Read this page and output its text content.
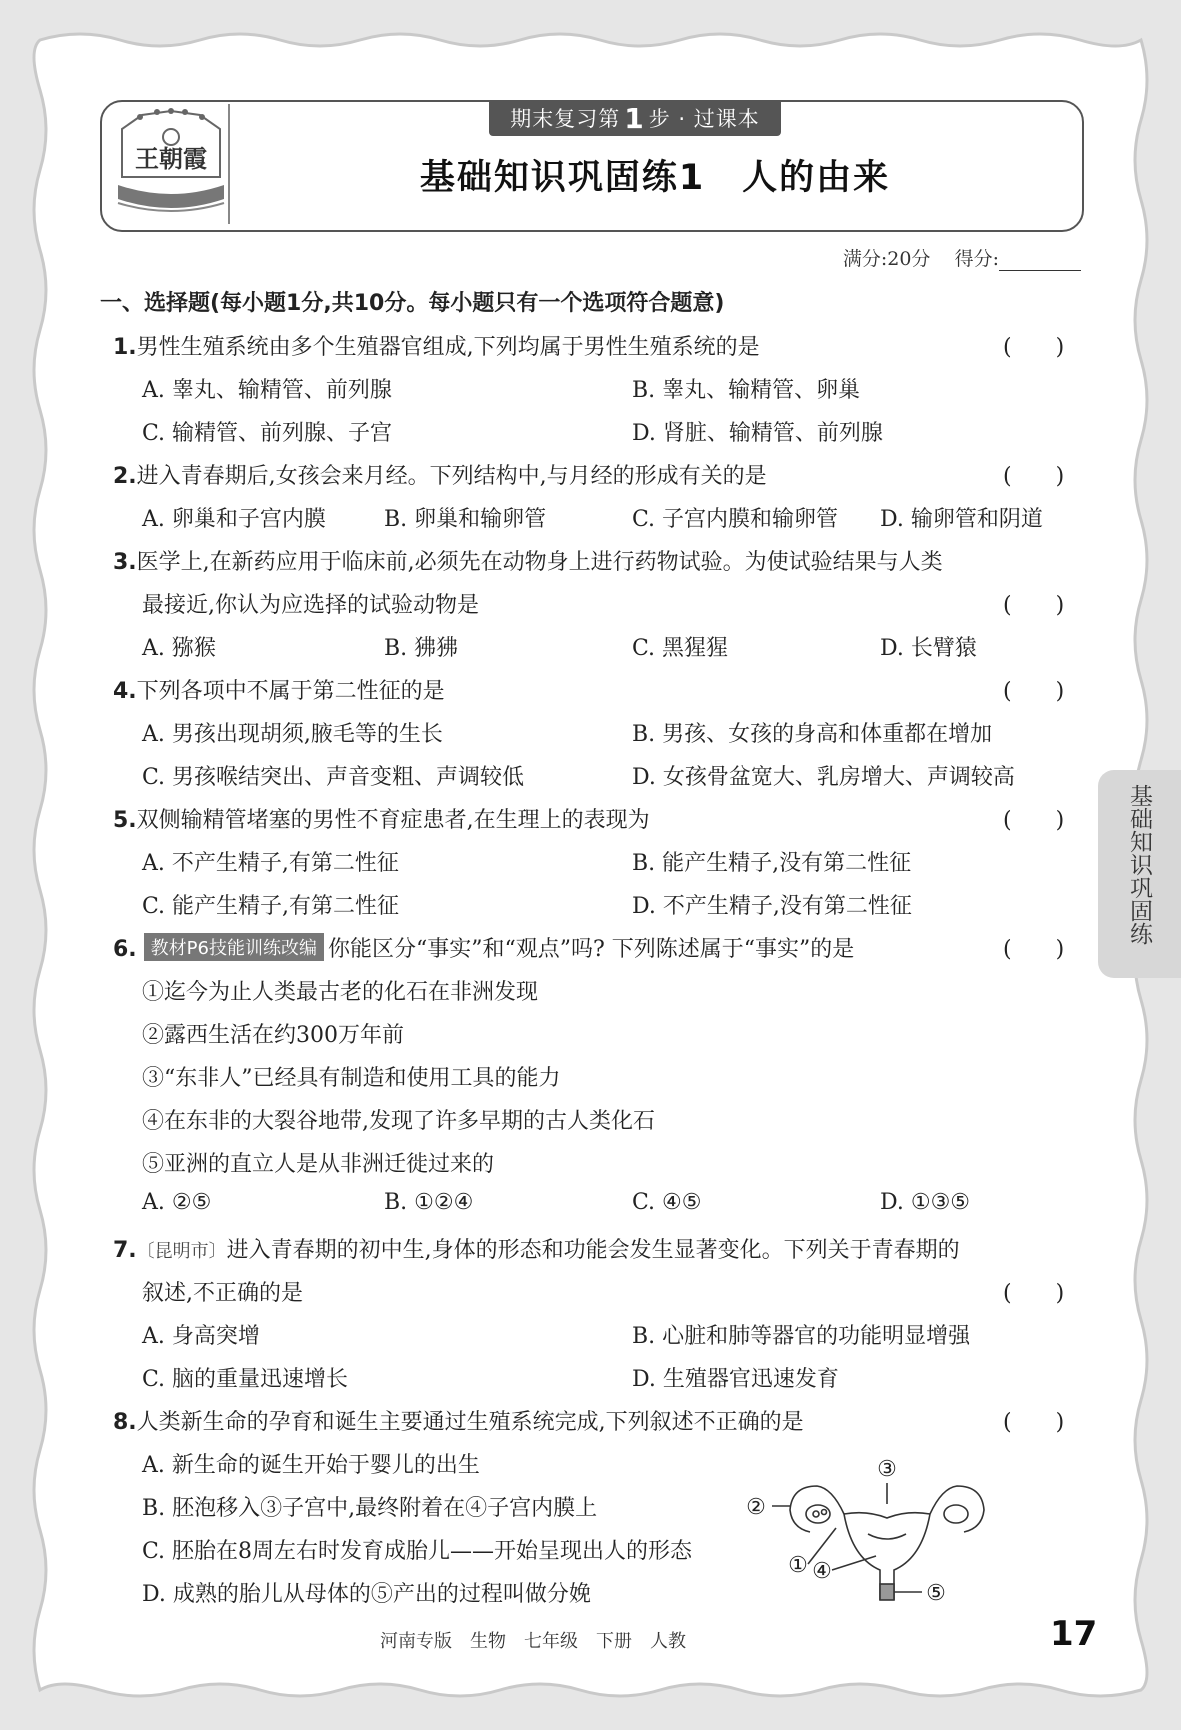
王朝霞
期末复习第 1 步 · 过课本
基础知识巩固练1　人的由来
满分:20分 得分:
一、选择题(每小题1分,共10分。每小题只有一个选项符合题意)
1.男性生殖系统由多个生殖器官组成,下列均属于男性生殖系统的是	(　　)
A. 睾丸、输精管、前列腺	B. 睾丸、输精管、卵巢
C. 输精管、前列腺、子宫	D. 肾脏、输精管、前列腺
2.进入青春期后,女孩会来月经。下列结构中,与月经的形成有关的是	(　　)
A. 卵巢和子宫内膜	B. 卵巢和输卵管	C. 子宫内膜和输卵管 D. 输卵管和阴道
3.医学上,在新药应用于临床前,必须先在动物身上进行药物试验。为使试验结果与人类
最接近,你认为应选择的试验动物是	(　　)
A. 猕猴	B. 狒狒	C. 黑猩猩	D. 长臂猿
4.下列各项中不属于第二性征的是	(　　)
A. 男孩出现胡须,腋毛等的生长	B. 男孩、女孩的身高和体重都在增加
C. 男孩喉结突出、声音变粗、声调较低	D. 女孩骨盆宽大、乳房增大、声调较高
5.双侧输精管堵塞的男性不育症患者,在生理上的表现为	(　　)
A. 不产生精子,有第二性征	B. 能产生精子,没有第二性征
C. 能产生精子,有第二性征	D. 不产生精子,没有第二性征
6. 教材P6技能训练改编 你能区分“事实”和“观点”吗? 下列陈述属于“事实”的是	(　　)
①迄今为止人类最古老的化石在非洲发现
②露西生活在约300万年前
③“东非人”已经具有制造和使用工具的能力
④在东非的大裂谷地带,发现了许多早期的古人类化石
⑤亚洲的直立人是从非洲迁徙过来的
A. ②⑤	B. ①②④	C. ④⑤	D. ①③⑤
7.〔昆明市〕进入青春期的初中生,身体的形态和功能会发生显著变化。下列关于青春期的
叙述,不正确的是	(　　)
A. 身高突增	B. 心脏和肺等器官的功能明显增强
C. 脑的重量迅速增长	D. 生殖器官迅速发育
8.人类新生命的孕育和诞生主要通过生殖系统完成,下列叙述不正确的是	(　　)
A. 新生命的诞生开始于婴儿的出生
B. 胚泡移入③子宫中,最终附着在④子宫内膜上
C. 胚胎在8周左右时发育成胎儿——开始呈现出人的形态
D. 成熟的胎儿从母体的⑤产出的过程叫做分娩
③
②
① ④
⑤
基础知识巩固练
河南专版　生物　七年级　下册　人教	17
